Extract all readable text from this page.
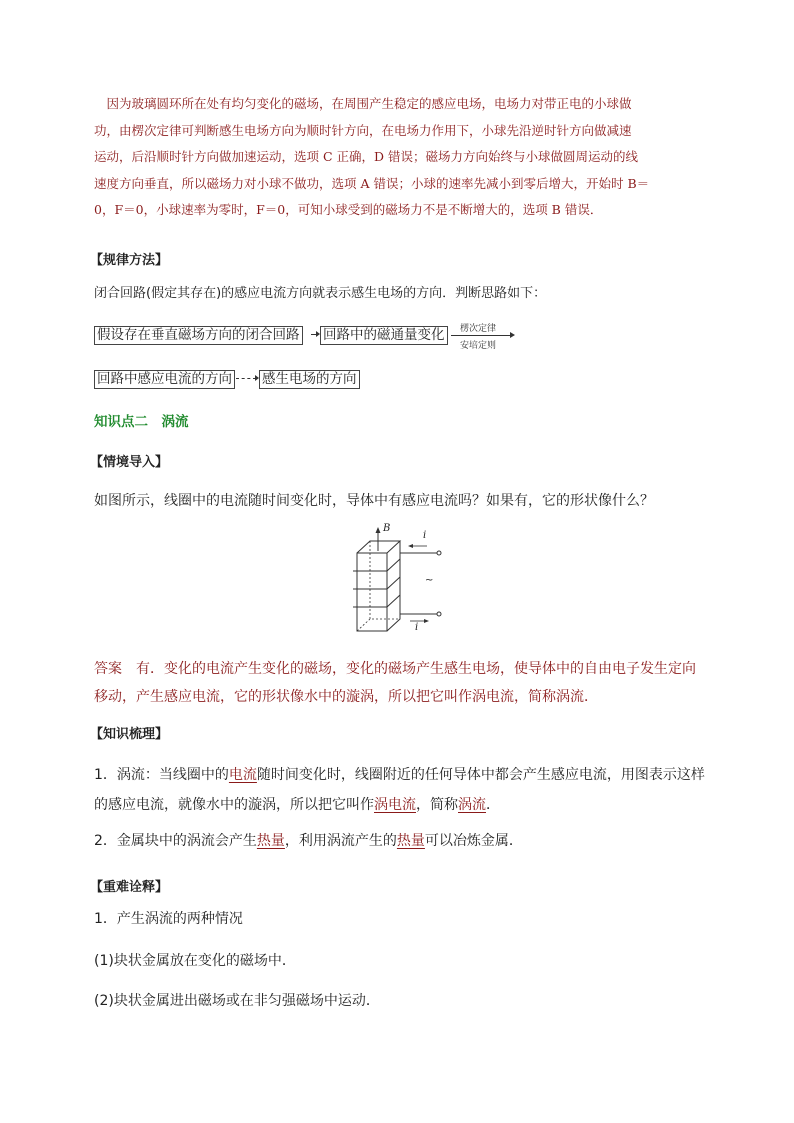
　因为玻璃圆环所在处有均匀变化的磁场，在周围产生稳定的感应电场，电场力对带正电的小球做
功，由楞次定律可判断感生电场方向为顺时针方向，在电场力作用下，小球先沿逆时针方向做减速
运动，后沿顺时针方向做加速运动，选项 C 正确，D 错误；磁场力方向始终与小球做圆周运动的线
速度方向垂直，所以磁场力对小球不做功，选项 A 错误；小球的速率先减小到零后增大，开始时 B＝
0，F＝0，小球速率为零时，F＝0，可知小球受到的磁场力不是不断增大的，选项 B 错误．
【规律方法】
闭合回路(假定其存在)的感应电流方向就表示感生电场的方向．判断思路如下：
假设存在垂直磁场方向的闭合回路 回路中的磁通量变化	楞次定律
安培定则
回路中感应电流的方向 感生电场的方向
知识点二　涡流
【情境导入】
如图所示，线圈中的电流随时间变化时，导体中有感应电流吗？如果有，它的形状像什么？
B
i
~
i
答案　有．变化的电流产生变化的磁场，变化的磁场产生感生电场，使导体中的自由电子发生定向
移动，产生感应电流，它的形状像水中的漩涡，所以把它叫作涡电流，简称涡流．
【知识梳理】
1．涡流：当线圈中的电流随时间变化时，线圈附近的任何导体中都会产生感应电流，用图表示这样
的感应电流，就像水中的漩涡，所以把它叫作涡电流，简称涡流．
2．金属块中的涡流会产生热量，利用涡流产生的热量可以冶炼金属．
【重难诠释】
1．产生涡流的两种情况
(1)块状金属放在变化的磁场中．
(2)块状金属进出磁场或在非匀强磁场中运动．
